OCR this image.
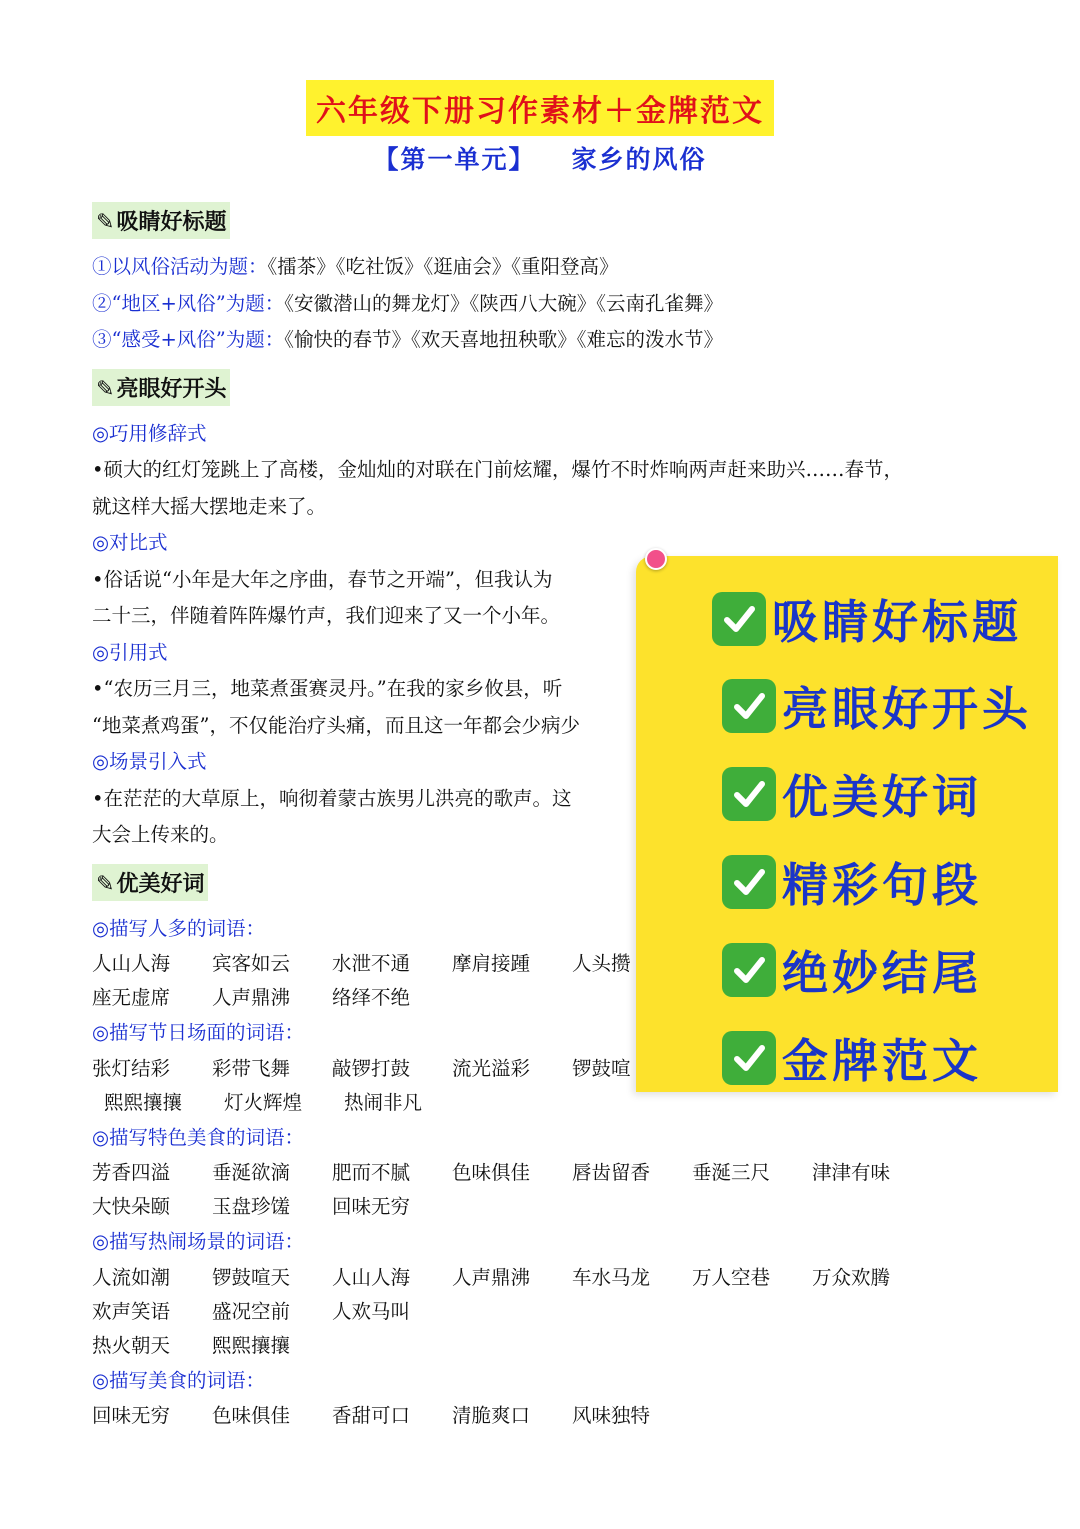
六年级下册习作素材＋金牌范文
【第一单元】 家乡的风俗
✎吸睛好标题
①以风俗活动为题：《擂茶》《吃社饭》《逛庙会》《重阳登高》
②“地区+风俗”为题：《安徽潜山的舞龙灯》《陕西八大碗》《云南孔雀舞》
③“感受+风俗”为题：《愉快的春节》《欢天喜地扭秧歌》《难忘的泼水节》
✎亮眼好开头
◎巧用修辞式
•硕大的红灯笼跳上了高楼，金灿灿的对联在门前炫耀，爆竹不时炸响两声赶来助兴……春节，
就这样大摇大摆地走来了。
◎对比式
•俗话说“小年是大年之序曲，春节之开端”，但我认为
二十三，伴随着阵阵爆竹声，我们迎来了又一个小年。
◎引用式
•“农历三月三，地菜煮蛋赛灵丹。”在我的家乡攸县，听
“地菜煮鸡蛋”，不仅能治疗头痛，而且这一年都会少病少
◎场景引入式
•在茫茫的大草原上，响彻着蒙古族男儿洪亮的歌声。这
大会上传来的。
✎优美好词
◎描写人多的词语：
人山人海 宾客如云 水泄不通 摩肩接踵 人头攒
座无虚席 人声鼎沸 络绎不绝
◎描写节日场面的词语：
张灯结彩 彩带飞舞 敲锣打鼓 流光溢彩 锣鼓喧
熙熙攘攘 灯火辉煌 热闹非凡
◎描写特色美食的词语：
芳香四溢 垂涎欲滴 肥而不腻 色味俱佳 唇齿留香 垂涎三尺 津津有味
大快朵颐 玉盘珍馐 回味无穷
◎描写热闹场景的词语：
人流如潮 锣鼓喧天 人山人海 人声鼎沸 车水马龙 万人空巷 万众欢腾
欢声笑语 盛况空前 人欢马叫
热火朝天 熙熙攘攘
◎描写美食的词语：
回味无穷 色味俱佳 香甜可口 清脆爽口 风味独特
吸睛好标题
亮眼好开头
优美好词
精彩句段
绝妙结尾
金牌范文
